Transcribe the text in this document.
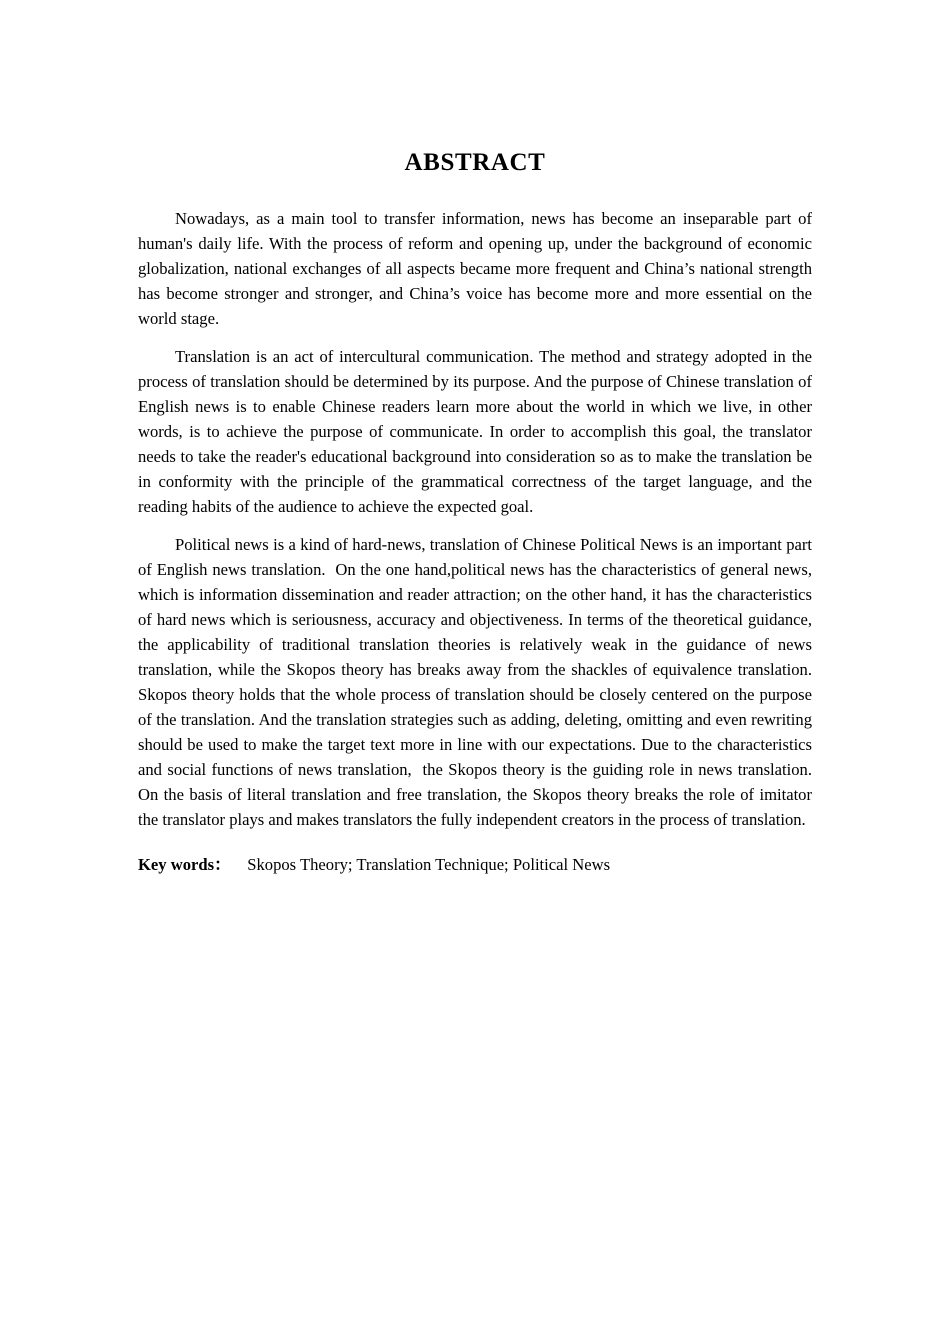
ABSTRACT

Nowadays, as a main tool to transfer information, news has become an inseparable part of human's daily life. With the process of reform and opening up, under the background of economic globalization, national exchanges of all aspects became more frequent and China’s national strength has become stronger and stronger, and China’s voice has become more and more essential on the world stage.

Translation is an act of intercultural communication. The method and strategy adopted in the process of translation should be determined by its purpose. And the purpose of Chinese translation of English news is to enable Chinese readers learn more about the world in which we live, in other words, is to achieve the purpose of communicate. In order to accomplish this goal, the translator needs to take the reader's educational background into consideration so as to make the translation be in conformity with the principle of the grammatical correctness of the target language, and the reading habits of the audience to achieve the expected goal.

Political news is a kind of hard-news, translation of Chinese Political News is an important part of English news translation.  On the one hand,political news has the characteristics of general news, which is information dissemination and reader attraction; on the other hand, it has the characteristics of hard news which is seriousness, accuracy and objectiveness. In terms of the theoretical guidance, the applicability of traditional translation theories is relatively weak in the guidance of news translation, while the Skopos theory has breaks away from the shackles of equivalence translation. Skopos theory holds that the whole process of translation should be closely centered on the purpose of the translation. And the translation strategies such as adding, deleting, omitting and even rewriting should be used to make the target text more in line with our expectations. Due to the characteristics and social functions of news translation,  the Skopos theory is the guiding role in news translation. On the basis of literal translation and free translation, the Skopos theory breaks the role of imitator the translator plays and makes translators the fully independent creators in the process of translation.

Key words：    Skopos Theory; Translation Technique; Political News
